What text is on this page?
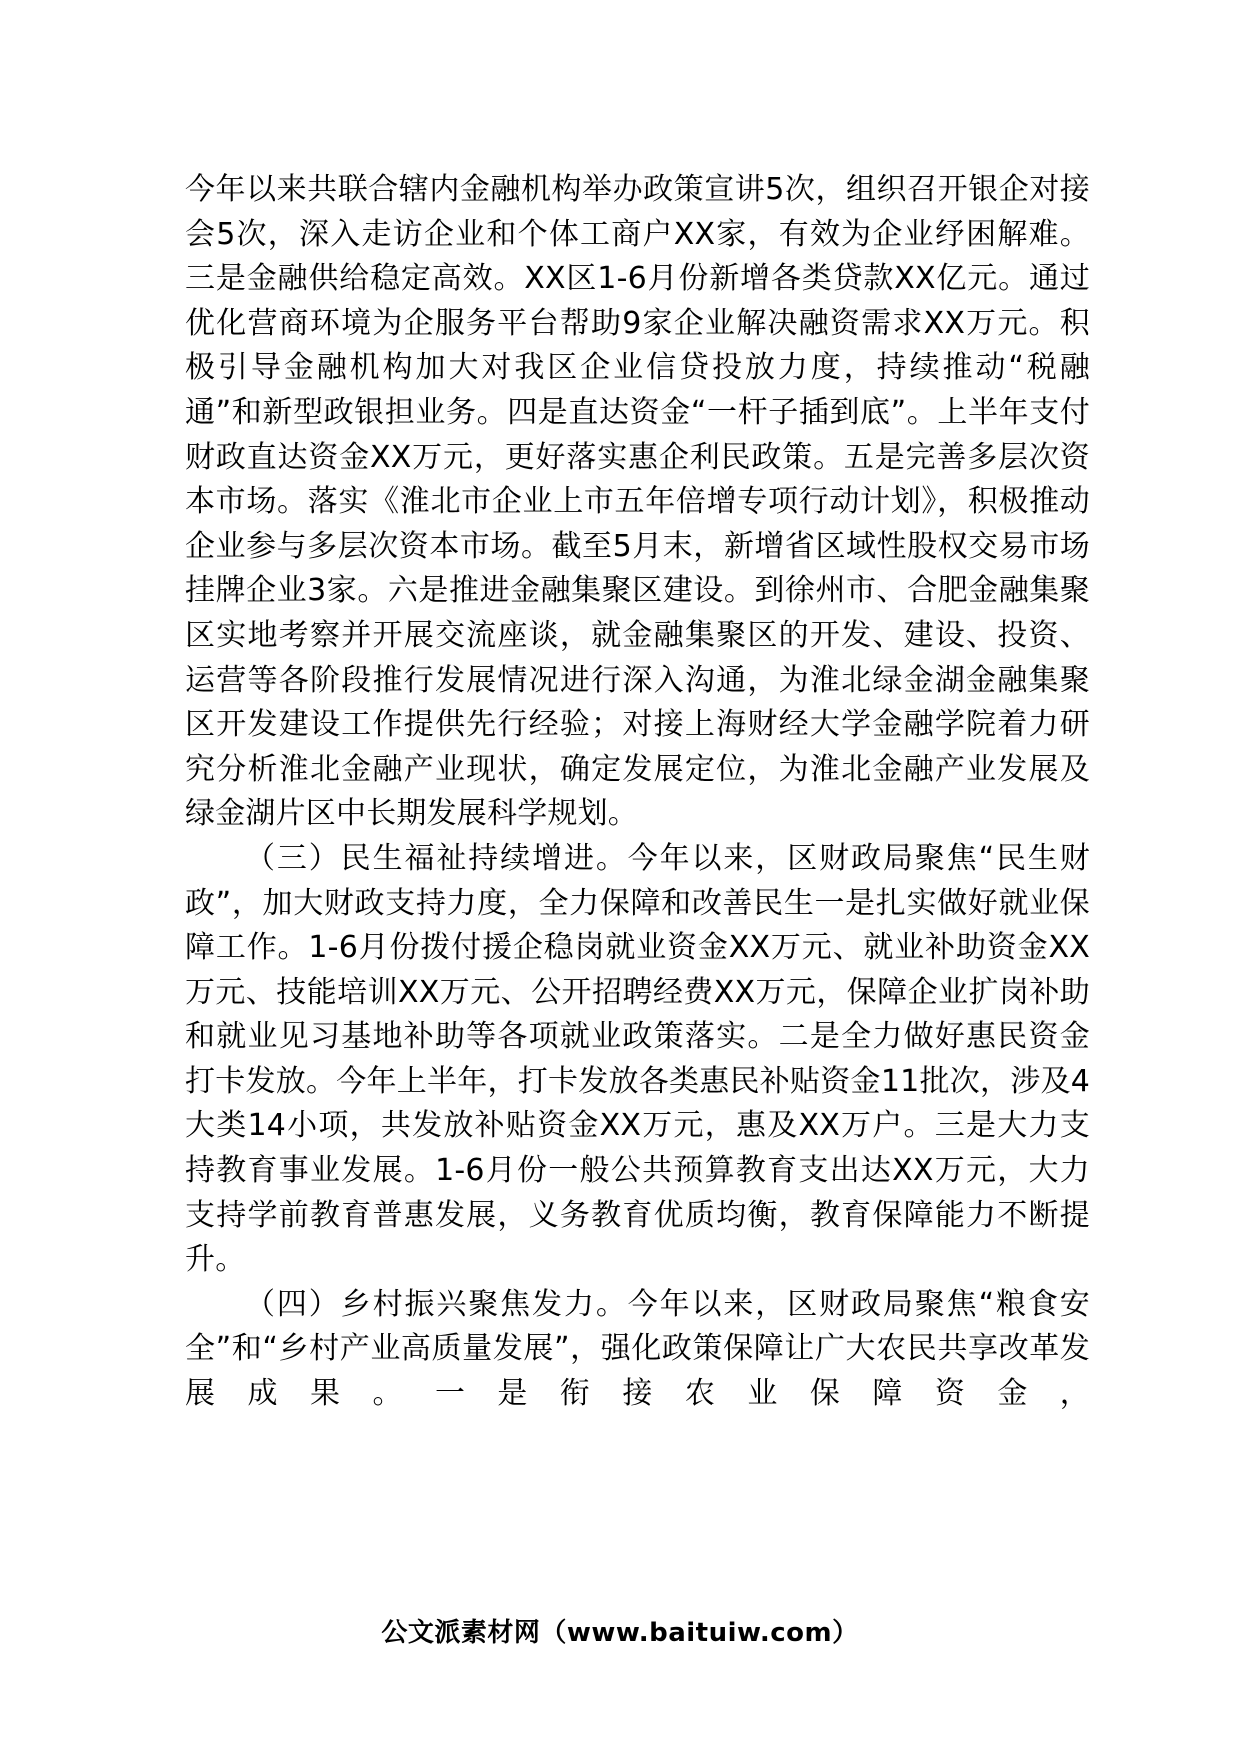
今年以来共联合辖内金融机构举办政策宣讲5次，组织召开银企对接会5次，深入走访企业和个体工商户XX家，有效为企业纾困解难。三是金融供给稳定高效。XX区1-6月份新增各类贷款XX亿元。通过优化营商环境为企服务平台帮助9家企业解决融资需求XX万元。积极引导金融机构加大对我区企业信贷投放力度，持续推动“税融通”和新型政银担业务。四是直达资金“一杆子插到底”。上半年支付财政直达资金XX万元，更好落实惠企利民政策。五是完善多层次资本市场。落实《淮北市企业上市五年倍增专项行动计划》，积极推动企业参与多层次资本市场。截至5月末，新增省区域性股权交易市场挂牌企业3家。六是推进金融集聚区建设。到徐州市、合肥金融集聚区实地考察并开展交流座谈，就金融集聚区的开发、建设、投资、运营等各阶段推行发展情况进行深入沟通，为淮北绿金湖金融集聚区开发建设工作提供先行经验；对接上海财经大学金融学院着力研究分析淮北金融产业现状，确定发展定位，为淮北金融产业发展及绿金湖片区中长期发展科学规划。

（三）民生福祉持续增进。今年以来，区财政局聚焦“民生财政”，加大财政支持力度，全力保障和改善民生一是扎实做好就业保障工作。1-6月份拨付援企稳岗就业资金XX万元、就业补助资金XX万元、技能培训XX万元、公开招聘经费XX万元，保障企业扩岗补助和就业见习基地补助等各项就业政策落实。二是全力做好惠民资金打卡发放。今年上半年，打卡发放各类惠民补贴资金11批次，涉及4大类14小项，共发放补贴资金XX万元，惠及XX万户。三是大力支持教育事业发展。1-6月份一般公共预算教育支出达XX万元，大力支持学前教育普惠发展，义务教育优质均衡，教育保障能力不断提升。

（四）乡村振兴聚焦发力。今年以来，区财政局聚焦“粮食安全”和“乡村产业高质量发展”，强化政策保障让广大农民共享改革发展成果。一是衔接农业保障资金，

公文派素材网（www.baituiw.com）
